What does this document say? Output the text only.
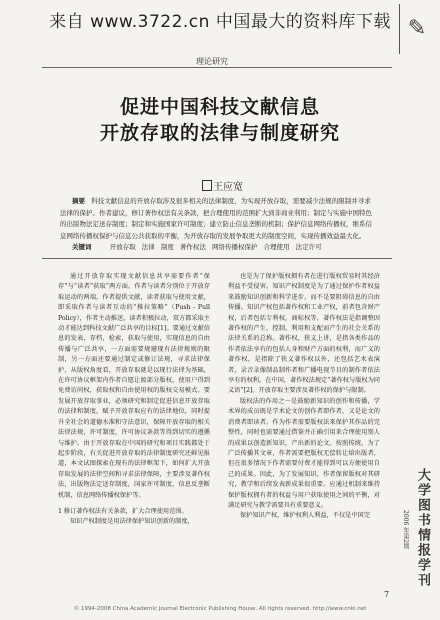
来自 www.3722.cn 中国最大的资料库下载 ✎
理论研究
促进中国科技文献信息
开放存取的法律与制度研究
王应宽
摘要 科技文献信息的开放存取涉及很多相关的法律制度，为实现开放存取，需要减少法规的限制并寻求法律的保护。作者建议，修订著作权法有关条款，把合理使用的范围扩大到非商业利用；制定与实施中国特色的出版物法定送存制度；制定和实施国家许可制度；建立防止信息垄断的机制；保护信息网络传播权，维系信息网络传播权保护与信息公共获取的平衡，为开放存取的发展争取更大的制度空间，实现传播效益最大化。
关键词	开放存取 法律 制度 著作权法 网络传播权保护 合理使用 法定许可

通过开放存取实现文献信息共享需要作者“保存”与“读者”获取“两方面。作者与读者分别位于开放存取运动的两端，作者提供文献，读者获取与使用文献，即采取作者与读者互动的“推拉策略”（Push - Pull Policy），作者主动推送，读者积极拉动，双方都采取主动才能达到科技文献广泛共享的目标[1]。要通过文献信息的发表，存档，检索，获取与使用，实现信息的自由传播与广泛共享，一方面需要规避现有法律规则的限制，另一方面还要通过制定或修订法规，寻求法律保护，从版权角度看，开放存取就是以现行法律为基础，在许可协议框架内作者自愿让渡部分版权，使用户得到免费访问权，获取权和自由使用权的版权交易模式。要发展开放存取事业，必须研究和制定促进信息开放存取的法律和制度，赋予开放存取应有的法律地位，同时提升全社会的道德水准和守法意识，保障开放存取的相关法律法规，许可制度，许可协议条款等得到切实的遵循与维护。由于开放存取在中国的研究和项目实践都处于起步阶段，有关促进开放存取的法律制度研究还鲜见报道，本文试图探索在现有的法律框架下，如何扩大开放存取发展的法律空间和寻求法律保障，主要涉及著作权法，出版物法定送存制度，国家许可制度，信息反垄断机制，信息网络传播权保护等。

1 修订著作权法有关条款，扩大合理使用范围。

知识产权制度是用法律保护知识创新的制度，

也是为了保护版权拥有者在进行版权贸易时其经济利益不受侵害。知识产权制度是为了通过保护作者权益来鼓励知识创新和科学进步，而不是要阻碍信息的自由传播。知识产权包括著作权和工业产权，前者包含财产权，后者包括专利权，商标权等，著作权法是指调整因著作权的产生，控制，利用和支配而产生的社会关系的法律关系的总称。著作权，狭义上讲，是指各类作品的作者依法享有的包括人身和财产方面的权利，而广义的著作权，是指除了狭义著作权以外，还包括艺术表演者，录音录像制品制作者和广播电视节目的制作者依法享有的权利。在中国，著作权法规定“著作权与版权为同义语”[2]。开放存取主要涉及著作权的保护与限制。

版权法的作用之一是鼓励新知识的创作和传播，学术界的成员既是学术论文的创作者即作者，又是论文的消费者即读者。作为作者需要版权法来保护其作品的完整性，同时也需要通过借鉴并正确引用来合理使用别人的成果以创造新知识，产出新的论文。按照传统，为了广泛传播其文章，作者需要把版权无偿转让给出版者，但在很多情况下作者需要付费才能得到可以方便使用自己的成果。因此，为了发展知识，作者保留版权对其研究，教学和后续发表新成果很重要。应通过机制来维持保护版权拥有者的权益与用户获取使用之间的平衡，对满足研究与教学需要具有重要意义。

保护知识产权，维护权利人利益，不仅是中国完	2006 年第2期 大学图书情报学刊
7
© 1994-2008 China Academic Journal Electronic Publishing House. All rights reserved. http://www.cnki.net
